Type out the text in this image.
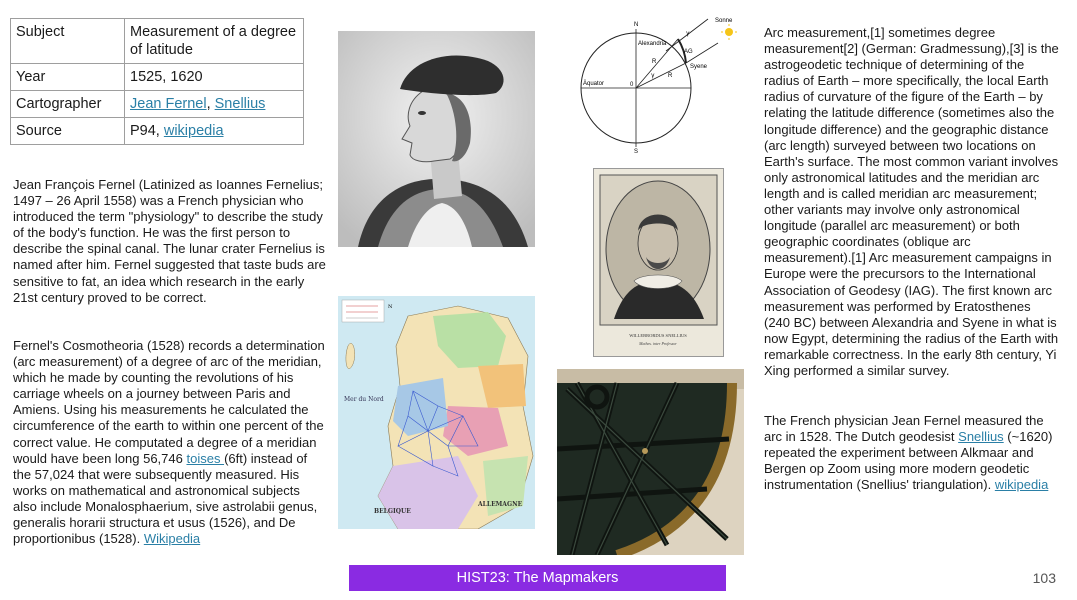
Subject	Measurement of a degree of latitude
Year	1525, 1620
Cartographer	Jean Fernel, Snellius
Source	P94, wikipedia
Jean François Fernel (Latinized as Ioannes Fernelius; 1497 – 26 April 1558) was a French physician who introduced the term "physiology" to describe the study of the body's function. He was the first person to describe the spinal canal. The lunar crater Fernelius is named after him. Fernel suggested that taste buds are sensitive to fat, an idea which research in the early 21st century proved to be correct.
Fernel's Cosmotheoria (1528) records a determination (arc measurement) of a degree of arc of the meridian, which he made by counting the revolutions of his carriage wheels on a journey between Paris and Amiens. Using his measurements he calculated the circumference of the earth to within one percent of the correct value. He computated a degree of a meridian would have been long 56,746 toises (6ft) instead of the 57,024 that were subsequently measured. His works on mathematical and astronomical subjects also include Monalosphaerium, sive astrolabii genus, generalis horarii structura et usus (1526), and De proportionibus (1528). Wikipedia
N
S
Sonne
Alexandria
Syene
Äquator
AG
R
R
0
γ
γ
WILLEBRORDUS SNELLIUS
Mathes. inter Professor
N
Mer du Nord
BELGIQUE
ALLEMAGNE
Arc measurement,[1] sometimes degree measurement[2] (German: Gradmessung),[3] is the astrogeodetic technique of determining of the radius of Earth – more specifically, the local Earth radius of curvature of the figure of the Earth – by relating the latitude difference (sometimes also the longitude difference) and the geographic distance (arc length) surveyed between two locations on Earth's surface. The most common variant involves only astronomical latitudes and the meridian arc length and is called meridian arc measurement; other variants may involve only astronomical longitude (parallel arc measurement) or both geographic coordinates (oblique arc measurement).[1] Arc measurement campaigns in Europe were the precursors to the International Association of Geodesy (IAG). The first known arc measurement was performed by Eratosthenes (240 BC) between Alexandria and Syene in what is now Egypt, determining the radius of the Earth with remarkable correctness. In the early 8th century, Yi Xing performed a similar survey.
The French physician Jean Fernel measured the arc in 1528. The Dutch geodesist Snellius (~1620) repeated the experiment between Alkmaar and Bergen op Zoom using more modern geodetic instrumentation (Snellius' triangulation). wikipedia
HIST23: The Mapmakers	103
